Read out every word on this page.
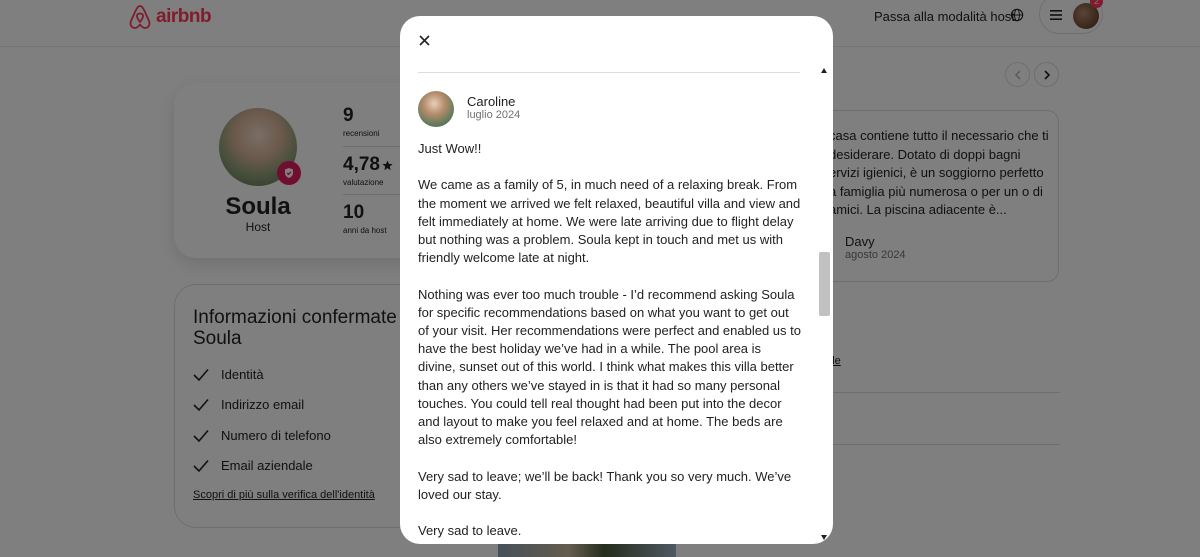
Caroline
luglio 2024

Just Wow!!

We came as a family of 5, in much need of a relaxing break. From the moment we arrived we felt relaxed, beautiful villa and view and felt immediately at home. We were late arriving due to flight delay but nothing was a problem. Soula kept in touch and met us with friendly welcome late at night.

Nothing was ever too much trouble - I’d recommend asking Soula for specific recommendations based on what you want to get out of your visit. Her recommendations were perfect and enabled us to have the best holiday we’ve had in a while. The pool area is divine, sunset out of this world. I think what makes this villa better than any others we’ve stayed in is that it had so many personal touches. You could tell real thought had been put into the decor and layout to make you feel relaxed and at home. The beds are also extremely comfortable!

Very sad to leave; we’ll be back! Thank you so very much. We’ve loved our stay.

Very sad to leave.
